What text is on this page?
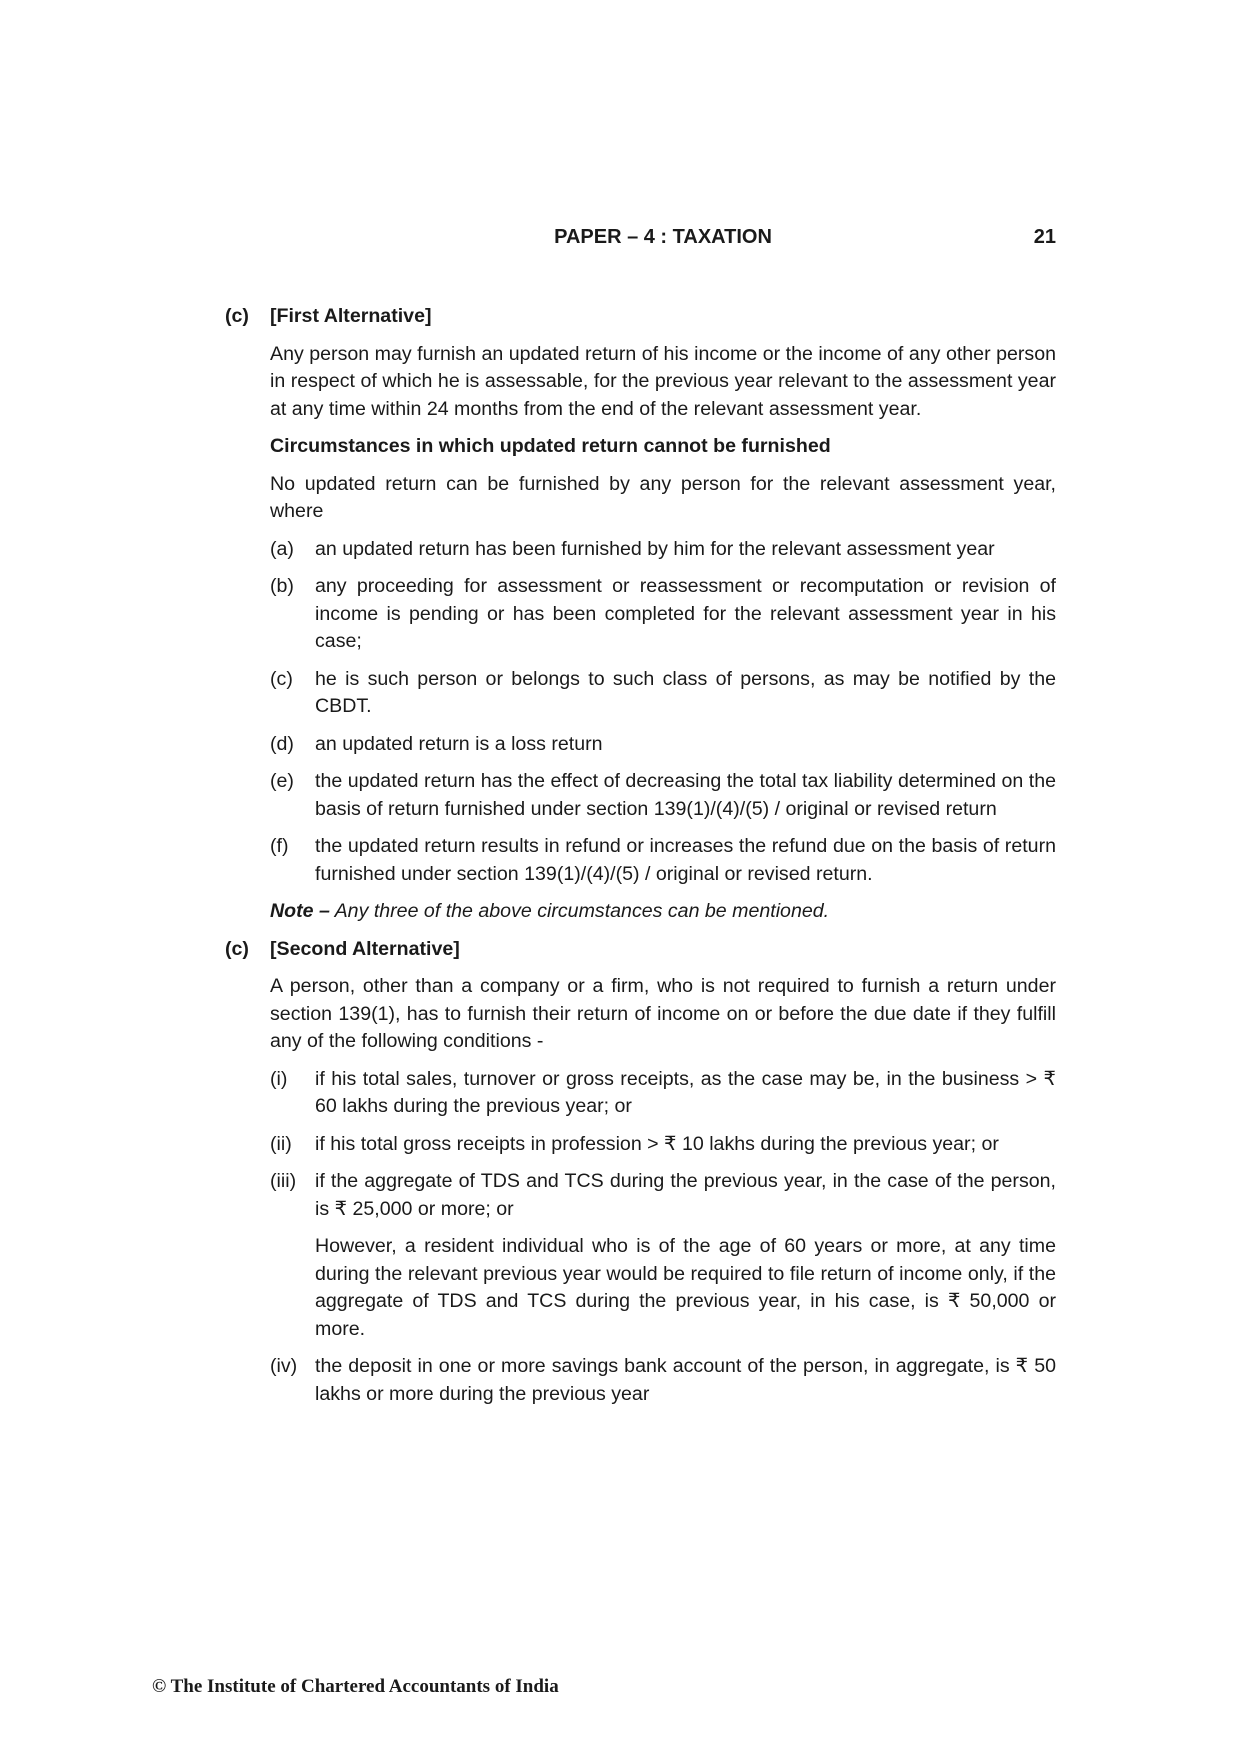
PAPER – 4 : TAXATION	21
(c) [First Alternative]

Any person may furnish an updated return of his income or the income of any other person in respect of which he is assessable, for the previous year relevant to the assessment year at any time within 24 months from the end of the relevant assessment year.

Circumstances in which updated return cannot be furnished

No updated return can be furnished by any person for the relevant assessment year, where

(a) an updated return has been furnished by him for the relevant assessment year
(b) any proceeding for assessment or reassessment or recomputation or revision of income is pending or has been completed for the relevant assessment year in his case;
(c) he is such person or belongs to such class of persons, as may be notified by the CBDT.
(d) an updated return is a loss return
(e) the updated return has the effect of decreasing the total tax liability determined on the basis of return furnished under section 139(1)/(4)/(5) / original or revised return
(f) the updated return results in refund or increases the refund due on the basis of return furnished under section 139(1)/(4)/(5) / original or revised return.
Note – Any three of the above circumstances can be mentioned.
(c) [Second Alternative]

A person, other than a company or a firm, who is not required to furnish a return under section 139(1), has to furnish their return of income on or before the due date if they fulfill any of the following conditions -

(i) if his total sales, turnover or gross receipts, as the case may be, in the business > ₹ 60 lakhs during the previous year; or
(ii) if his total gross receipts in profession > ₹ 10 lakhs during the previous year; or
(iii) if the aggregate of TDS and TCS during the previous year, in the case of the person, is ₹ 25,000 or more; or
However, a resident individual who is of the age of 60 years or more, at any time during the relevant previous year would be required to file return of income only, if the aggregate of TDS and TCS during the previous year, in his case, is ₹ 50,000 or more.
(iv) the deposit in one or more savings bank account of the person, in aggregate, is ₹ 50 lakhs or more during the previous year
© The Institute of Chartered Accountants of India
